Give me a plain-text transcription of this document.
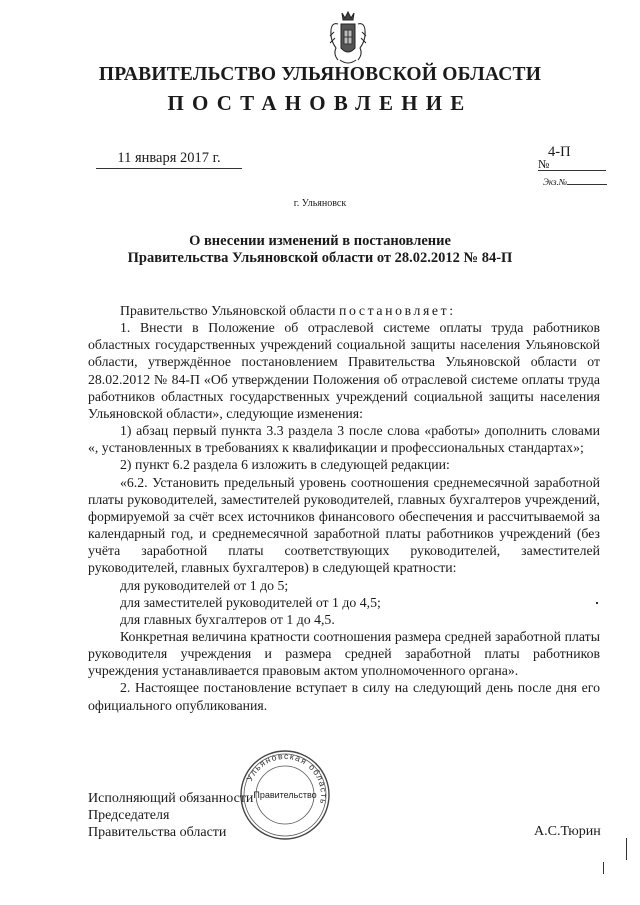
ПРАВИТЕЛЬСТВО УЛЬЯНОВСКОЙ ОБЛАСТИ
ПОСТАНОВЛЕНИЕ
11 января 2017 г.	4-П
№
Экз.№
г. Ульяновск
О внесении изменений в постановление
Правительства Ульяновской области от 28.02.2012 № 84-П

Правительство Ульяновской области постановляет:

1. Внести в Положение об отраслевой системе оплаты труда работников областных государственных учреждений социальной защиты населения Ульяновской области, утверждённое постановлением Правительства Ульяновской области от 28.02.2012 № 84-П «Об утверждении Положения об отраслевой системе оплаты труда работников областных государственных учреждений социальной защиты населения Ульяновской области», следующие изменения:

1) абзац первый пункта 3.3 раздела 3 после слова «работы» дополнить словами «, установленных в требованиях к квалификации и профессиональных стандартах»;

2) пункт 6.2 раздела 6 изложить в следующей редакции:

«6.2. Установить предельный уровень соотношения среднемесячной заработной платы руководителей, заместителей руководителей, главных бухгалтеров учреждений, формируемой за счёт всех источников финансового обеспечения и рассчитываемой за календарный год, и среднемесячной заработной платы работников учреждений (без учёта заработной платы соответствующих руководителей, заместителей руководителей, главных бухгалтеров) в следующей кратности:

для руководителей от 1 до 5;

для заместителей руководителей от 1 до 4,5;

для главных бухгалтеров от 1 до 4,5.

Конкретная величина кратности соотношения размера средней заработной платы руководителя учреждения и размера средней заработной платы работников учреждения устанавливается правовым актом уполномоченного органа».

2. Настоящее постановление вступает в силу на следующий день после дня его официального опубликования.

Исполняющий обязанности
Председателя
Правительства области	А.С.Тюрин
Ульяновская область
Правительство
